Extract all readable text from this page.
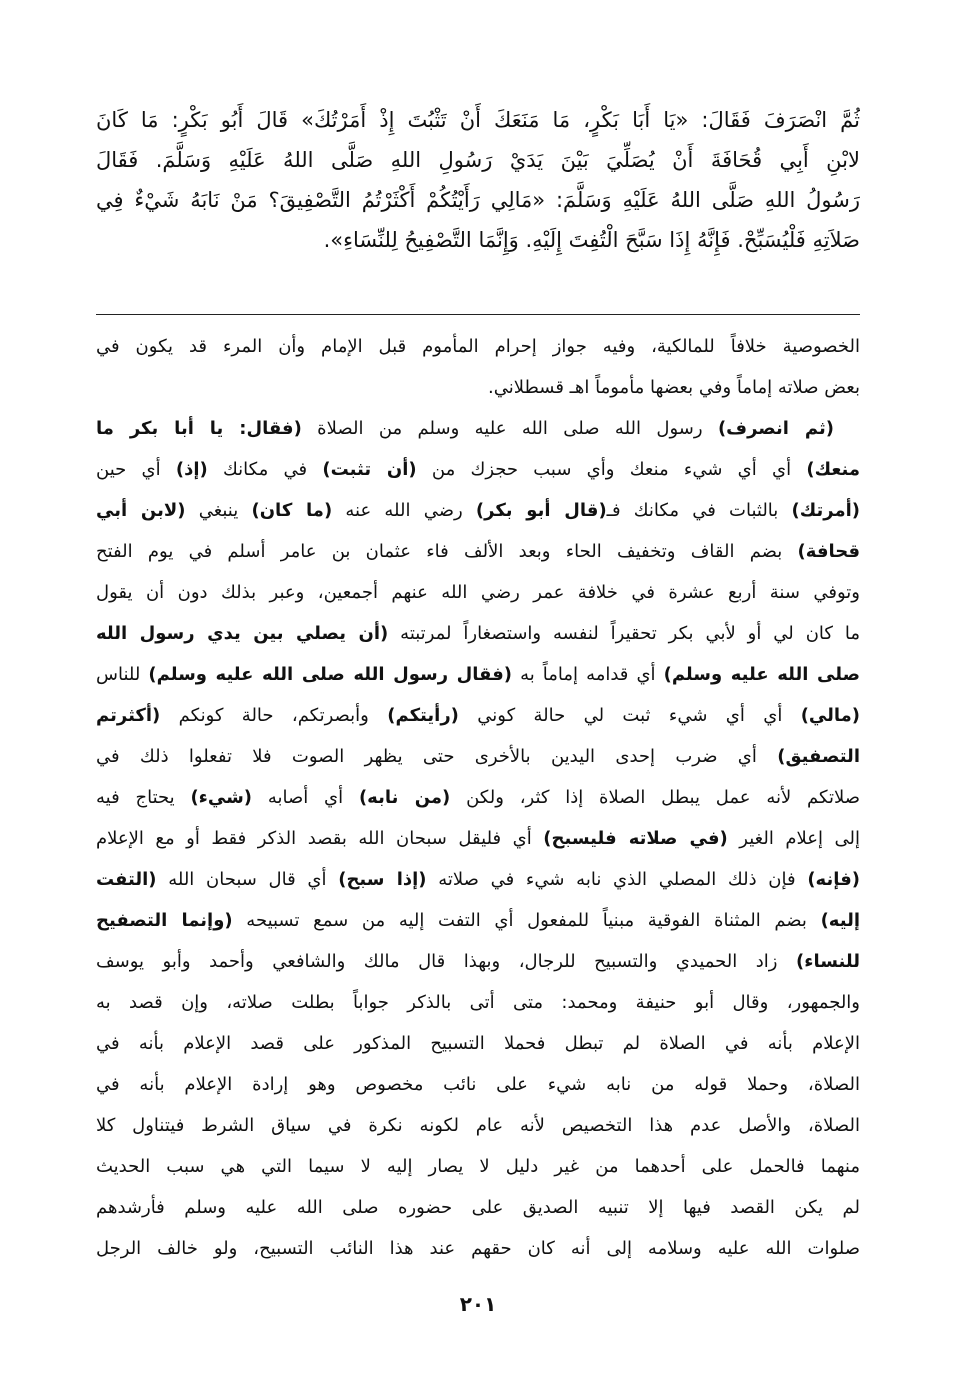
ثُمَّ انْصَرَفَ فَقَالَ: «يَا أَبَا بَكْرٍ، مَا مَنَعَكَ أَنْ تَثْبُتَ إِذْ أَمَرْتُكَ» قَالَ أَبُو بَكْرٍ: مَا كَانَ
لابْنِ أَبِي قُحَافَةَ أَنْ يُصَلِّيَ بَيْنَ يَدَيْ رَسُولِ اللهِ صَلَّى اللهُ عَلَيْهِ وَسَلَّمَ. فَقَالَ
رَسُولُ اللهِ صَلَّى اللهُ عَلَيْهِ وَسَلَّمَ: «مَالِي رَأَيْتُكُمْ أَكْثَرْتُمُ التَّصْفِيقَ؟ مَنْ نَابَهُ شَيْءٌ فِي
صَلاَتِهِ فَلْيُسَبِّحْ. فَإِنَّهُ إِذَا سَبَّحَ الْتُفِتَ إِلَيْهِ. وَإِنَّمَا التَّصْفِيحُ لِلنِّسَاءِ».
الخصوصية خلافاً للمالكية، وفيه جواز إحرام المأموم قبل الإمام وأن المرء قد يكون في
بعض صلاته إماماً وفي بعضها مأموماً اهـ قسطلاني.
(ثم انصرف) رسول الله صلى الله عليه وسلم من الصلاة (فقال: يا أبا بكر ما
منعك) أي أي شيء منعك وأي سبب حجزك من (أن تثبت) في مكانك (إذ) أي حين
(أمرتك) بالثبات في مكانك فـ(قال أبو بكر) رضي الله عنه (ما كان) ينبغي (لابن أبي
قحافة) بضم القاف وتخفيف الحاء وبعد الألف فاء عثمان بن عامر أسلم في يوم الفتح
وتوفي سنة أربع عشرة في خلافة عمر رضي الله عنهم أجمعين، وعبر بذلك دون أن يقول
ما كان لي أو لأبي بكر تحقيراً لنفسه واستصغاراً لمرتبته (أن يصلي بين يدي رسول الله
صلى الله عليه وسلم) أي قدامه إماماً به (فقال رسول الله صلى الله عليه وسلم) للناس
(مالي) أي أي شيء ثبت لي حالة كوني (رأيتكم) وأبصرتكم، حالة كونكم (أكثرتم
التصفيق) أي ضرب إحدى اليدين بالأخرى حتى يظهر الصوت فلا تفعلوا ذلك في
صلاتكم لأنه عمل يبطل الصلاة إذا كثر، ولكن (من نابه) أي أصابه (شيء) يحتاج فيه
إلى إعلام الغير (في صلاته فليسبح) أي فليقل سبحان الله بقصد الذكر فقط أو مع الإعلام
(فإنه) فإن ذلك المصلي الذي نابه شيء في صلاته (إذا سبح) أي قال سبحان الله (التفت
إليه) بضم المثناة الفوقية مبنياً للمفعول أي التفت إليه من سمع تسبيحه (وإنما التصفيح
للنساء) زاد الحميدي والتسبيح للرجال، وبهذا قال مالك والشافعي وأحمد وأبو يوسف
والجمهور، وقال أبو حنيفة ومحمد: متى أتى بالذكر جواباً بطلت صلاته، وإن قصد به
الإعلام بأنه في الصلاة لم تبطل فحملا التسبيح المذكور على قصد الإعلام بأنه في
الصلاة، وحملا قوله من نابه شيء على نائب مخصوص وهو إرادة الإعلام بأنه في
الصلاة، والأصل عدم هذا التخصيص لأنه عام لكونه نكرة في سياق الشرط فيتناول كلا
منهما فالحمل على أحدهما من غير دليل لا يصار إليه لا سيما التي هي سبب الحديث
لم يكن القصد فيها إلا تنبيه الصديق على حضوره صلى الله عليه وسلم فأرشدهم
صلوات الله عليه وسلامه إلى أنه كان حقهم عند هذا النائب التسبيح، ولو خالف الرجل
٢٠١
